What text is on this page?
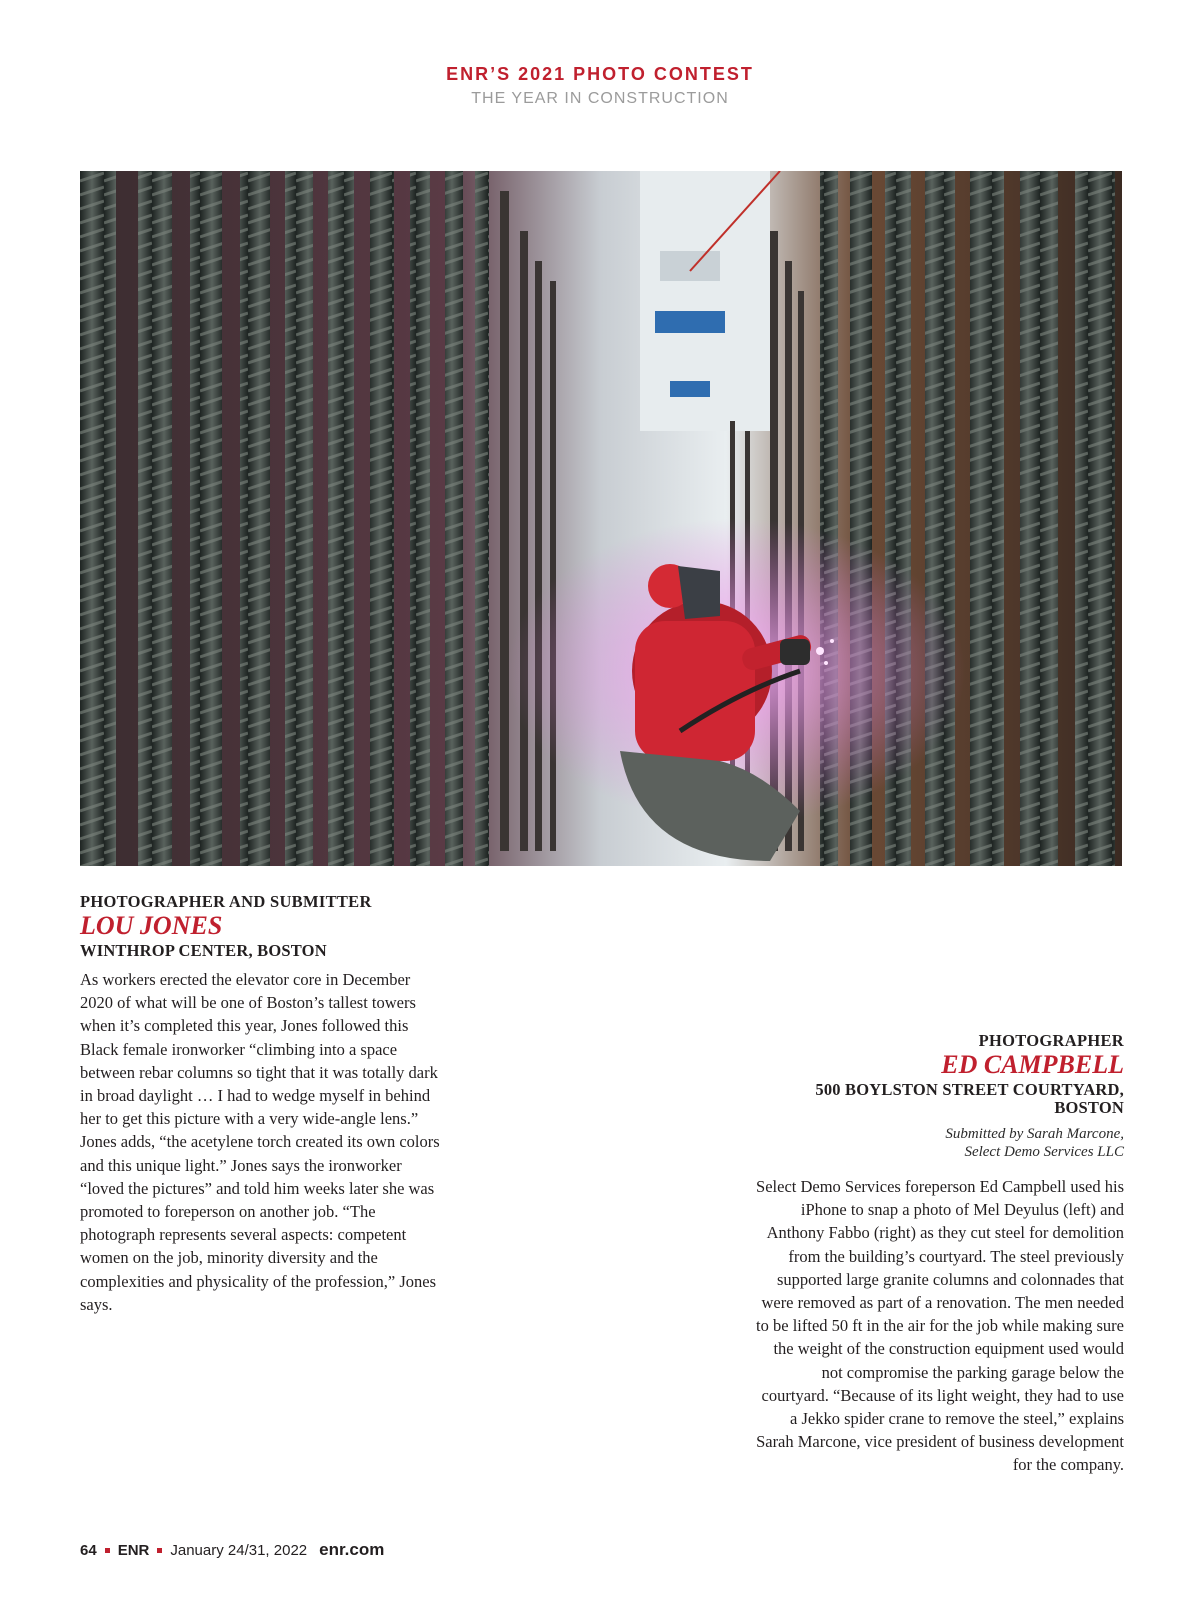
ENR’S 2021 PHOTO CONTEST
THE YEAR IN CONSTRUCTION
PHOTOGRAPHER AND SUBMITTER
LOU JONES
WINTHROP CENTER, BOSTON
As workers erected the elevator core in December 2020 of what will be one of Boston’s tallest towers when it’s completed this year, Jones followed this Black female ironworker “climbing into a space between rebar columns so tight that it was totally dark in broad daylight … I had to wedge myself in behind her to get this picture with a very wide-angle lens.” Jones adds, “the acetylene torch created its own colors and this unique light.” Jones says the ironworker “loved the pictures” and told him weeks later she was promoted to foreperson on another job. “The photograph represents several aspects: competent women on the job, minority diversity and the complexities and physicality of the profession,” Jones says.
PHOTOGRAPHER
ED CAMPBELL
500 BOYLSTON STREET COURTYARD,
BOSTON
Submitted by Sarah Marcone,
Select Demo Services LLC
Select Demo Services foreperson Ed Campbell used his iPhone to snap a photo of Mel Deyulus (left) and Anthony Fabbo (right) as they cut steel for demolition from the building’s courtyard. The steel previously supported large granite columns and colonnades that were removed as part of a renovation. The men needed to be lifted 50 ft in the air for the job while making sure the weight of the construction equipment used would not compromise the parking garage below the courtyard. “Because of its light weight, they had to use a Jekko spider crane to remove the steel,” explains Sarah Marcone, vice president of business development for the company.
64 ENR January 24/31, 2022 enr.com
